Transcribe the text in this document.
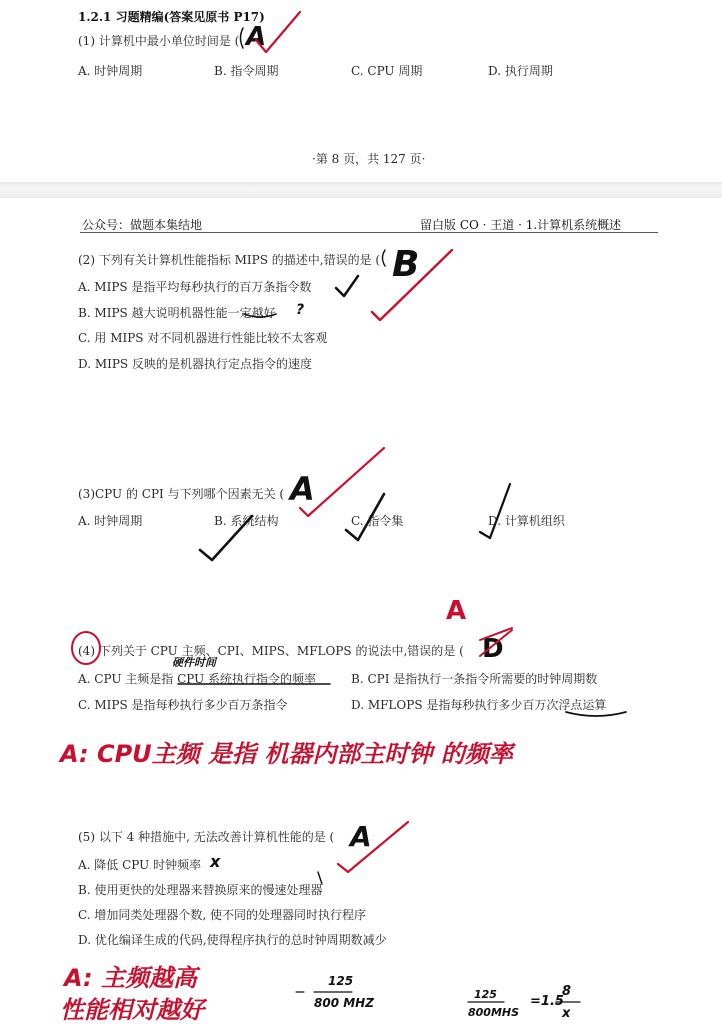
1.2.1 习题精编(答案见原书 P17)
(1) 计算机中最小单位时间是 (
A. 时钟周期	B. 指令周期	C. CPU 周期	D. 执行周期
A
·第 8 页，共 127 页·
公众号：做题本集结地	留白版 CO · 王道 · 1.计算机系统概述
(2) 下列有关计算机性能指标 MIPS 的描述中,错误的是 (
A. MIPS 是指平均每秒执行的百万条指令数
B. MIPS 越大说明机器性能一定越好
C. 用 MIPS 对不同机器进行性能比较不太客观
D. MIPS 反映的是机器执行定点指令的速度
B
?
(3)CPU 的 CPI 与下列哪个因素无关 (
A. 时钟周期	B. 系统结构	C. 指令集	D. 计算机组织
A
(4) 下列关于 CPU 主频、CPI、MIPS、MFLOPS 的说法中,错误的是 (
A. CPU 主频是指 CPU 系统执行指令的频率	B. CPI 是指执行一条指令所需要的时钟周期数
C. MIPS 是指每秒执行多少百万条指令	D. MFLOPS 是指每秒执行多少百万次浮点运算
A
D
硬件时间
A: CPU主频 是指 机器内部主时钟 的频率
(5) 以下 4 种措施中, 无法改善计算机性能的是 (
A. 降低 CPU 时钟频率
B. 使用更快的处理器来替换原来的慢速处理器
C. 增加同类处理器个数, 使不同的处理器同时执行程序
D. 优化编译生成的代码,使得程序执行的总时钟周期数减少
A
x
A: 主频越高
性能相对越好
125
800 MHZ
125
800MHS
=1.5
8
x
